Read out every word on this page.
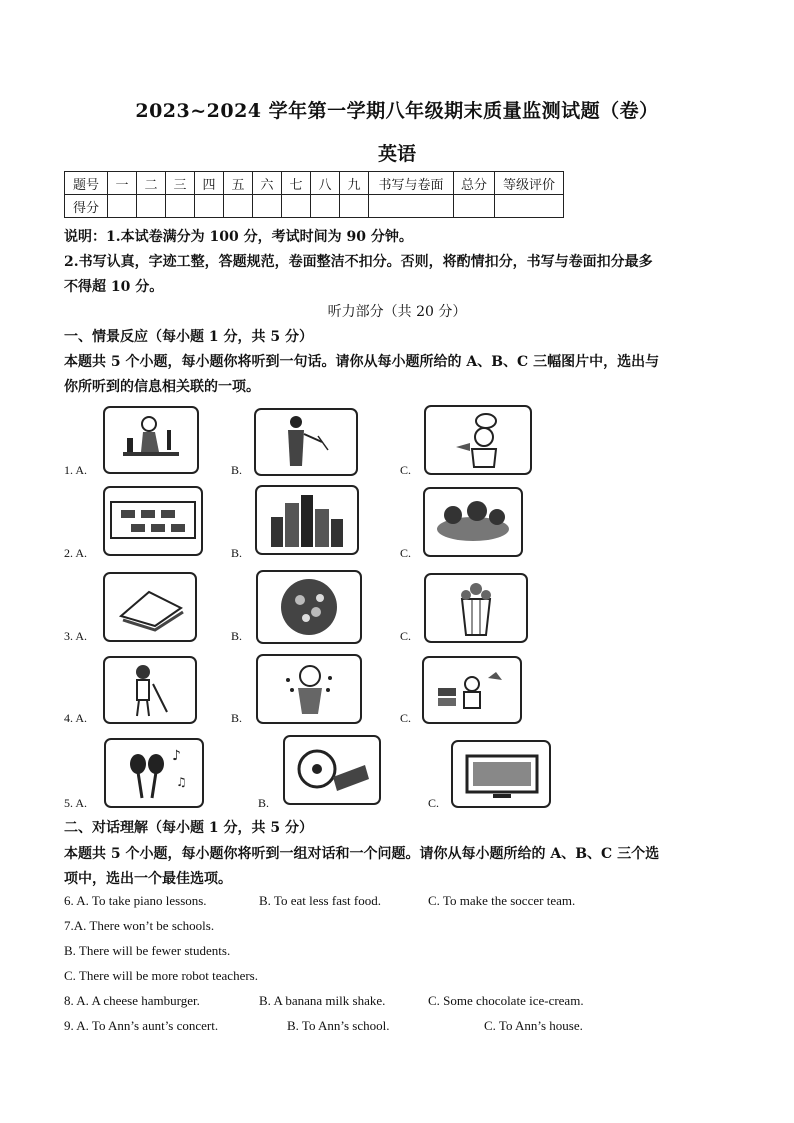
2023~2024 学年第一学期八年级期末质量监测试题（卷）
英语
题号	一	二	三	四	五	六	七	八	九	书写与卷面	总分	等级评价
得分												
说明：1.本试卷满分为 100 分，考试时间为 90 分钟。
2.书写认真，字迹工整，答题规范，卷面整洁不扣分。否则，将酌情扣分，书写与卷面扣分最多
不得超 10 分。
听力部分（共 20 分）
一、情景反应（每小题 1 分，共 5 分）
本题共 5 个小题，每小题你将听到一句话。请你从每小题所给的 A、B、C 三幅图片中，选出与
你所听到的信息相关联的一项。
1. A.	B.	C.
2. A.	B.	C.
3. A.	B.	C.
4. A.	B.	C.
5. A.
♪
♫
B.	C.
二、对话理解（每小题 1 分，共 5 分）
本题共 5 个小题，每小题你将听到一组对话和一个问题。请你从每小题所给的 A、B、C 三个选
项中，选出一个最佳选项。
6. A. To take piano lessons.	B. To eat less fast food.	C. To make the soccer team.
7.A. There won’t be schools.
B. There will be fewer students.
C. There will be more robot teachers.
8. A. A cheese hamburger.	B. A banana milk shake.	C. Some chocolate ice-cream.
9. A. To Ann’s aunt’s concert.	B. To Ann’s school.	C. To Ann’s house.
